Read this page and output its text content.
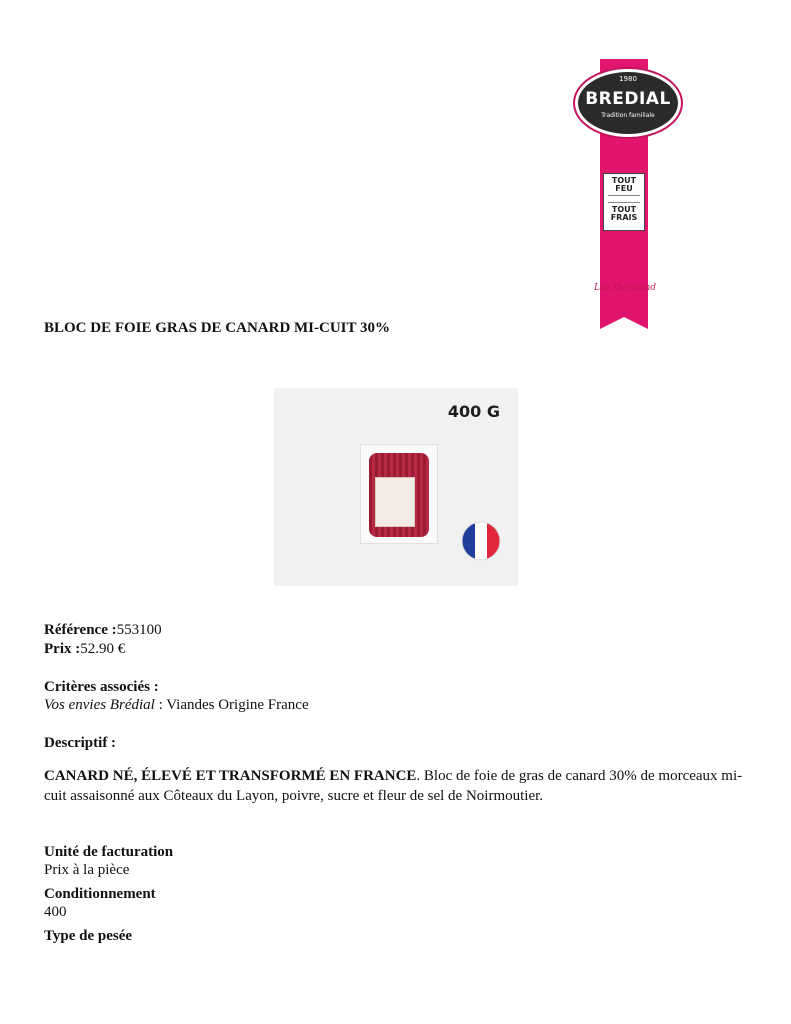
1980
BREDIAL
Tradition familiale
TOUT FEU
TOUT FRAIS
Luc Dormand
BLOC DE FOIE GRAS DE CANARD MI-CUIT 30%
400 G

Référence :553100

Prix :52.90 €

Critères associés :

Vos envies Brédial : Viandes Origine France

Descriptif :

CANARD NÉ, ÉLEVÉ ET TRANSFORMÉ EN FRANCE. Bloc de foie de gras de canard 30% de morceaux mi-cuit assaisonné aux Côteaux du Layon, poivre, sucre et fleur de sel de Noirmoutier.

Unité de facturation

Prix à la pièce

Conditionnement

400

Type de pesée
